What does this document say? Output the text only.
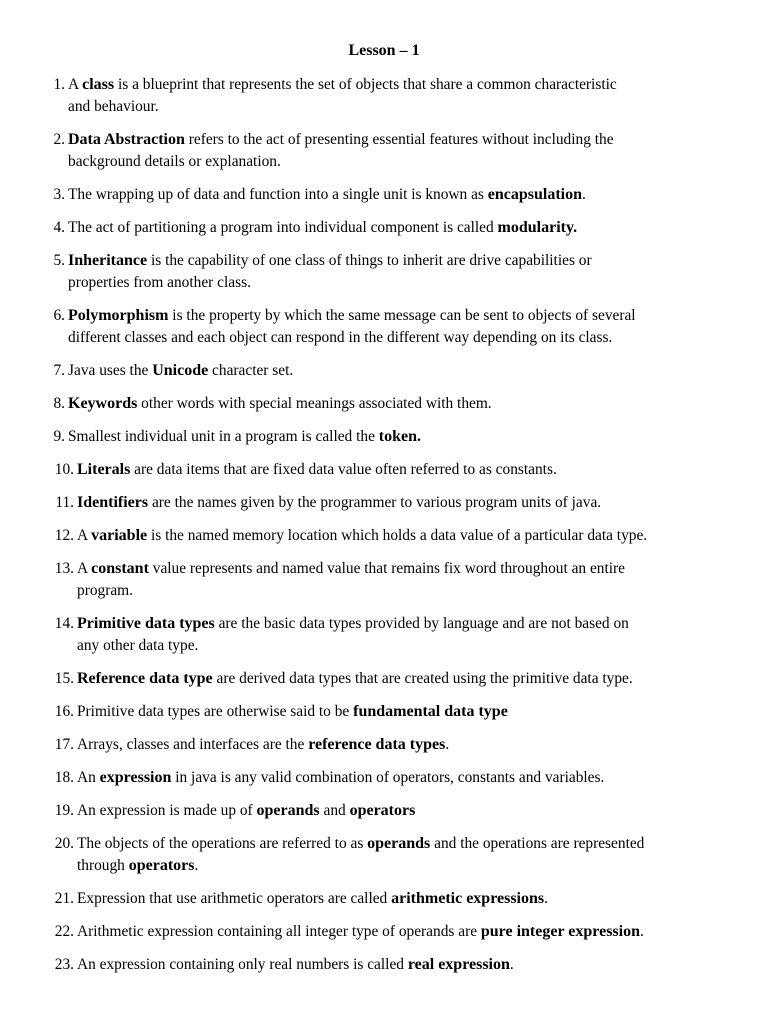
Lesson – 1
1. A class is a blueprint that represents the set of objects that share a common characteristic
and behaviour.
2. Data Abstraction refers to the act of presenting essential features without including the
background details or explanation.
3. The wrapping up of data and function into a single unit is known as encapsulation.
4. The act of partitioning a program into individual component is called modularity.
5. Inheritance is the capability of one class of things to inherit are drive capabilities or
properties from another class.
6. Polymorphism is the property by which the same message can be sent to objects of several
different classes and each object can respond in the different way depending on its class.
7. Java uses the Unicode character set.
8. Keywords other words with special meanings associated with them.
9. Smallest individual unit in a program is called the token.
10. Literals are data items that are fixed data value often referred to as constants.
11. Identifiers are the names given by the programmer to various program units of java.
12. A variable is the named memory location which holds a data value of a particular data type.
13. A constant value represents and named value that remains fix word throughout an entire
program.
14. Primitive data types are the basic data types provided by language and are not based on
any other data type.
15. Reference data type are derived data types that are created using the primitive data type.
16. Primitive data types are otherwise said to be fundamental data type
17. Arrays, classes and interfaces are the reference data types.
18. An expression in java is any valid combination of operators, constants and variables.
19. An expression is made up of operands and operators
20. The objects of the operations are referred to as operands and the operations are represented
through operators.
21. Expression that use arithmetic operators are called arithmetic expressions.
22. Arithmetic expression containing all integer type of operands are pure integer expression.
23. An expression containing only real numbers is called real expression.
